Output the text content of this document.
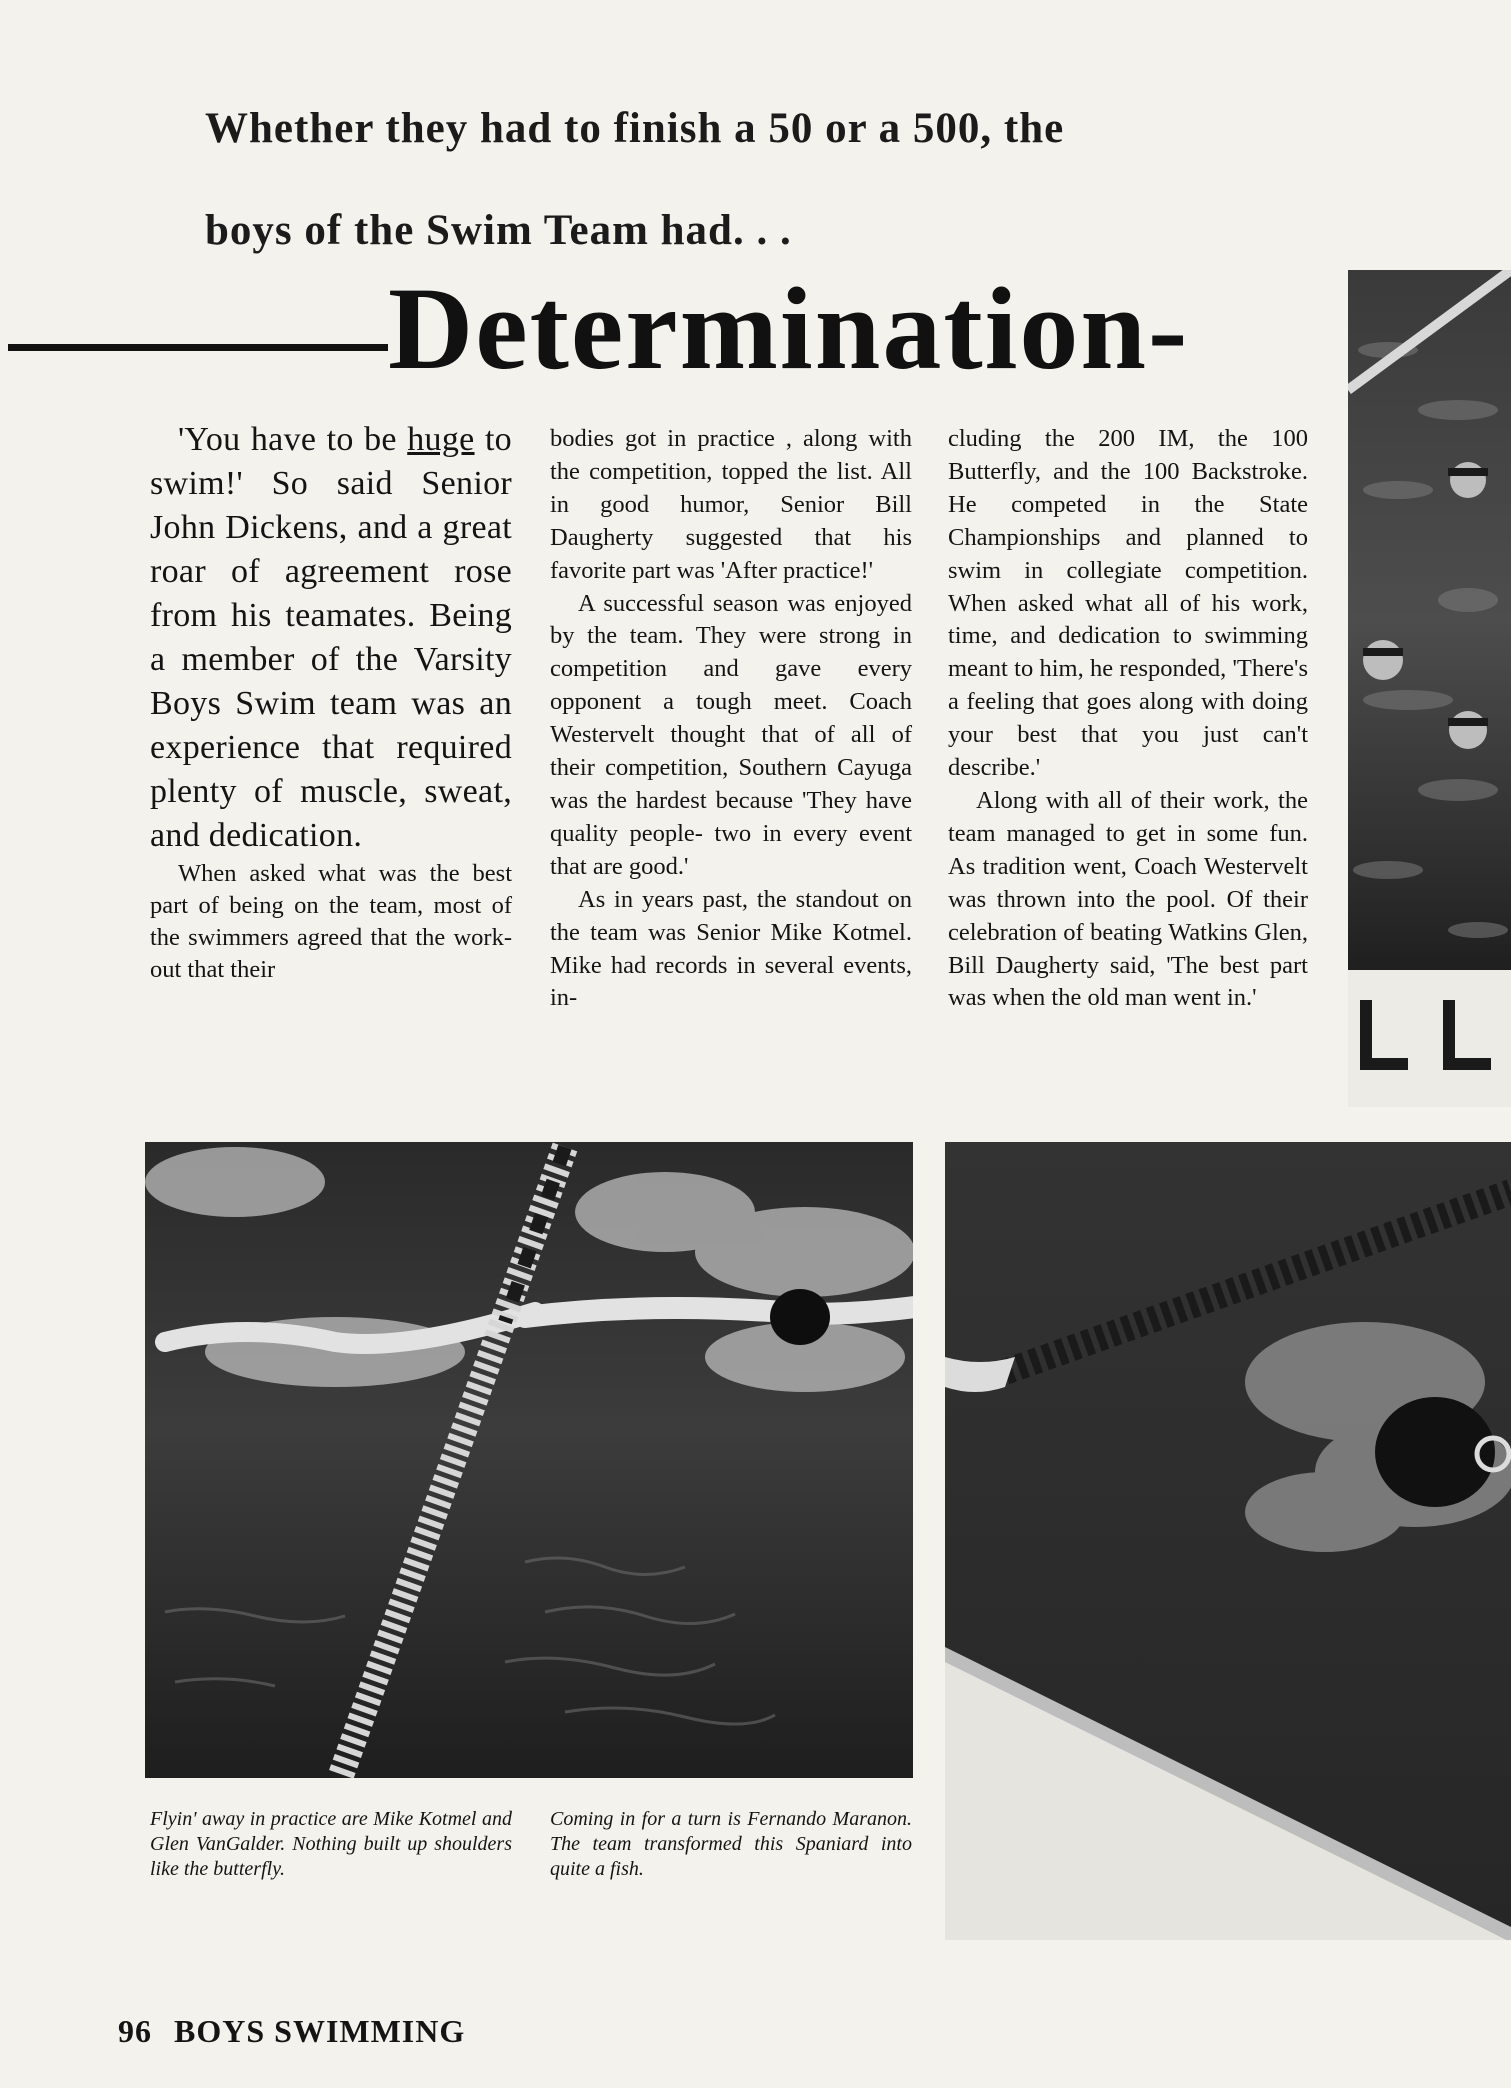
Whether they had to finish a 50 or a 500, the
boys of the Swim Team had. . .
Determination-

'You have to be huge to swim!' So said Senior John Dickens, and a great roar of agreement rose from his teamates. Being a member of the Varsity Boys Swim team was an experience that required plenty of muscle, sweat, and dedication.

When asked what was the best part of being on the team, most of the swimmers agreed that the work-out that their

bodies got in practice , along with the competition, topped the list. All in good humor, Senior Bill Daugherty suggested that his favorite part was 'After practice!'

A successful season was enjoyed by the team. They were strong in competition and gave every opponent a tough meet. Coach Westervelt thought that of all of their competition, Southern Cayuga was the hardest because 'They have quality people- two in every event that are good.'

As in years past, the standout on the team was Senior Mike Kotmel. Mike had records in several events, in-

cluding the 200 IM, the 100 Butterfly, and the 100 Backstroke. He competed in the State Championships and planned to swim in collegiate competition. When asked what all of his work, time, and dedication to swimming meant to him, he responded, 'There's a feeling that goes along with doing your best that you just can't describe.'

Along with all of their work, the team managed to get in some fun. As tradition went, Coach Westervelt was thrown into the pool. Of their celebration of beating Watkins Glen, Bill Daugherty said, 'The best part was when the old man went in.'

Flyin' away in practice are Mike Kotmel and Glen VanGalder. Nothing built up shoulders like the butterfly.
Coming in for a turn is Fernando Maranon. The team transformed this Spaniard into quite a fish.
96 BOYS SWIMMING
